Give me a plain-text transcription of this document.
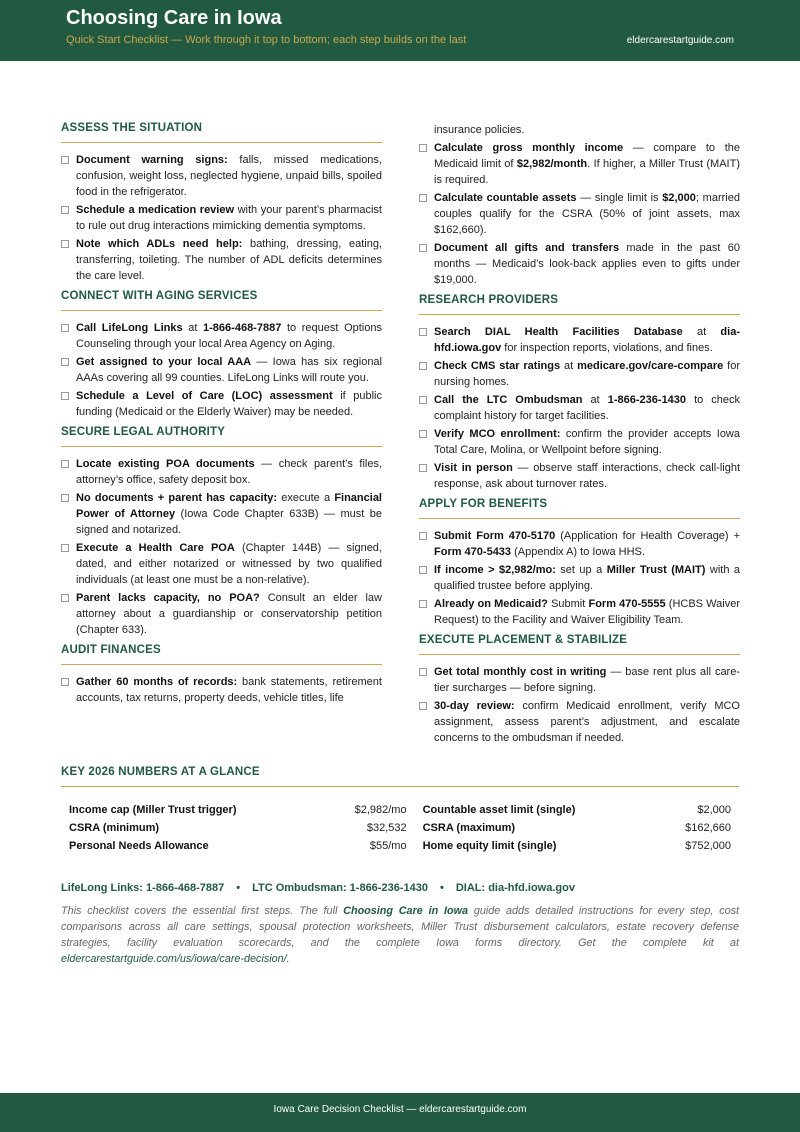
Choosing Care in Iowa
Quick Start Checklist — Work through it top to bottom; each step builds on the last	eldercarestartguide.com
ASSESS THE SITUATION
Document warning signs: falls, missed medications, confusion, weight loss, neglected hygiene, unpaid bills, spoiled food in the refrigerator.
Schedule a medication review with your parent’s pharmacist to rule out drug interactions mimicking dementia symptoms.
Note which ADLs need help: bathing, dressing, eating, transferring, toileting. The number of ADL deficits determines the care level.
CONNECT WITH AGING SERVICES
Call LifeLong Links at 1-866-468-7887 to request Options Counseling through your local Area Agency on Aging.
Get assigned to your local AAA — Iowa has six regional AAAs covering all 99 counties. LifeLong Links will route you.
Schedule a Level of Care (LOC) assessment if public funding (Medicaid or the Elderly Waiver) may be needed.
SECURE LEGAL AUTHORITY
Locate existing POA documents — check parent’s files, attorney’s office, safety deposit box.
No documents + parent has capacity: execute a Financial Power of Attorney (Iowa Code Chapter 633B) — must be signed and notarized.
Execute a Health Care POA (Chapter 144B) — signed, dated, and either notarized or witnessed by two qualified individuals (at least one must be a non-relative).
Parent lacks capacity, no POA? Consult an elder law attorney about a guardianship or conservatorship petition (Chapter 633).
AUDIT FINANCES
Gather 60 months of records: bank statements, retirement accounts, tax returns, property deeds, vehicle titles, life
insurance policies.
Calculate gross monthly income — compare to the Medicaid limit of $2,982/month. If higher, a Miller Trust (MAIT) is required.
Calculate countable assets — single limit is $2,000; married couples qualify for the CSRA (50% of joint assets, max $162,660).
Document all gifts and transfers made in the past 60 months — Medicaid’s look-back applies even to gifts under $19,000.
RESEARCH PROVIDERS
Search DIAL Health Facilities Database at dia-hfd.iowa.gov for inspection reports, violations, and fines.
Check CMS star ratings at medicare.gov/care-compare for nursing homes.
Call the LTC Ombudsman at 1-866-236-1430 to check complaint history for target facilities.
Verify MCO enrollment: confirm the provider accepts Iowa Total Care, Molina, or Wellpoint before signing.
Visit in person — observe staff interactions, check call-light response, ask about turnover rates.
APPLY FOR BENEFITS
Submit Form 470-5170 (Application for Health Coverage) + Form 470-5433 (Appendix A) to Iowa HHS.
If income > $2,982/mo: set up a Miller Trust (MAIT) with a qualified trustee before applying.
Already on Medicaid? Submit Form 470-5555 (HCBS Waiver Request) to the Facility and Waiver Eligibility Team.
EXECUTE PLACEMENT & STABILIZE
Get total monthly cost in writing — base rent plus all care-tier surcharges — before signing.
30-day review: confirm Medicaid enrollment, verify MCO assignment, assess parent’s adjustment, and escalate concerns to the ombudsman if needed.
KEY 2026 NUMBERS AT A GLANCE
Income cap (Miller Trust trigger)	$2,982/mo	Countable asset limit (single)	$2,000
CSRA (minimum)	$32,532	CSRA (maximum)	$162,660
Personal Needs Allowance	$55/mo	Home equity limit (single)	$752,000
LifeLong Links: 1-866-468-7887 • LTC Ombudsman: 1-866-236-1430 • DIAL: dia-hfd.iowa.gov
This checklist covers the essential first steps. The full Choosing Care in Iowa guide adds detailed instructions for every step, cost comparisons across all care settings, spousal protection worksheets, Miller Trust disbursement calculators, estate recovery defense strategies, facility evaluation scorecards, and the complete Iowa forms directory. Get the complete kit at eldercarestartguide.com/us/iowa/care-decision/.
Iowa Care Decision Checklist — eldercarestartguide.com
